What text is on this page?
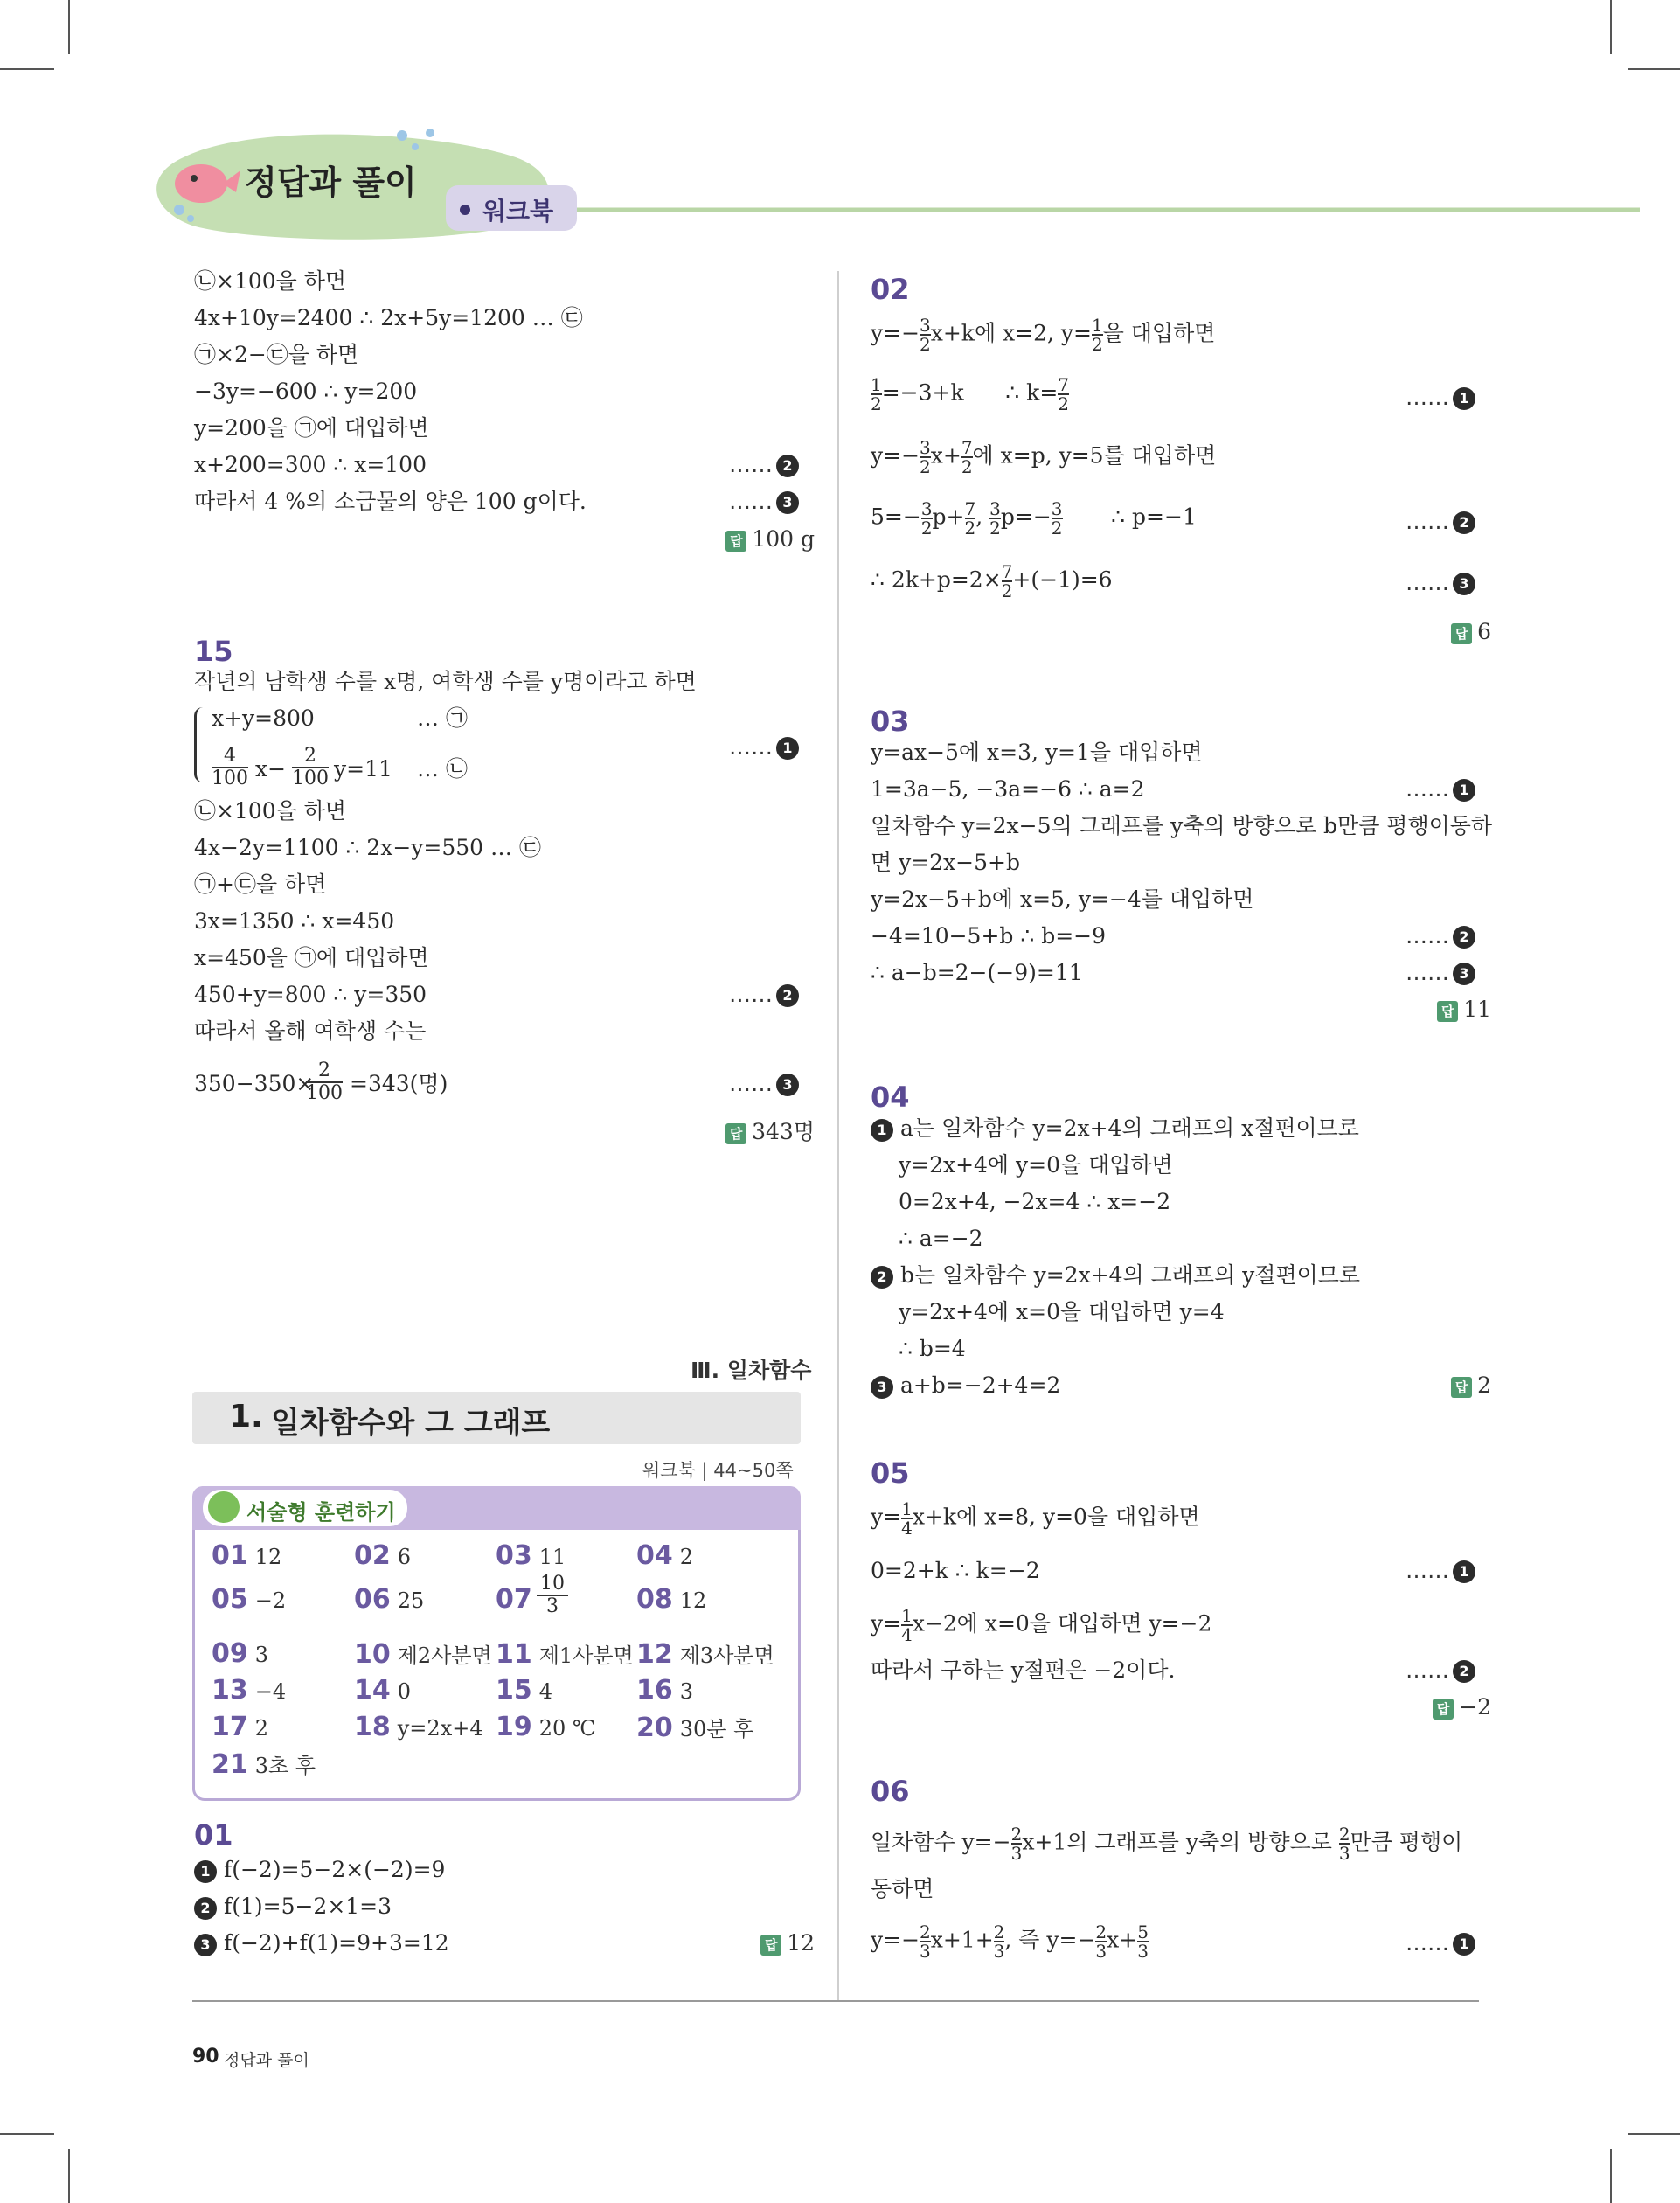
정답과 풀이
워크북
㉡×100을 하면
4x+10y=2400 ∴ 2x+5y=1200 … ㉢
㉠×2−㉢을 하면
−3y=−600 ∴ y=200
y=200을 ㉠에 대입하면
x+200=300 ∴ x=100
따라서 4 %의 소금물의 양은 100 g이다.
…… 2
…… 3
답 100 g
15
작년의 남학생 수를 x명, 여학생 수를 y명이라고 하면
x+y=800	… ㉠
$\frac{4}{100} x- \frac{2}{100} y=11$ … ㉡
…… 1
㉡×100을 하면
4x−2y=1100 ∴ 2x−y=550 … ㉢
㉠+㉢을 하면
3x=1350 ∴ x=450
x=450을 ㉠에 대입하면
450+y=800 ∴ y=350
따라서 올해 여학생 수는
…… 2
350−350×
$\frac{2}{100} =343$(명)	…… 3
답 343명
Ⅲ. 일차함수
1. 일차함수와 그 그래프
워크북 | 44∼50쪽
서술형 훈련하기
01 12	02 6	03 11	04 2
05 −2	06 25	$07 \frac{10}{3}$	08 12
09 3	10 제2사분면 11 제1사분면 12 제3사분면
13 −4	14 0	15 4	16 3
17 2	18 y=2x+4 19 20 ℃ 20 30분 후
21 3초 후
01
1 f(−2)=5−2×(−2)=9
2 f(1)=5−2×1=3
3 f(−2)+f(1)=9+3=12	답 12
02
$y=- \frac{3}{2} x+k$에 x=2, $y= \frac{1}{2}$ 을 대입하면
$\frac{1}{2} =-3+k$      ∴ $k= \frac{7}{2}$	…… 1
$y=- \frac{3}{2} x+ \frac{7}{2}$ 에 x=p, y=5를 대입하면
$5=- \frac{3}{2} p+ \frac{7}{2}$ , $\frac{3}{2} p=- \frac{3}{2}$ ∴ p=−1	…… 2
∴ $2k+p=2\times \frac{7}{2} +(-1)=6$	…… 3
답 6
03
y=ax−5에 x=3, y=1을 대입하면
1=3a−5, −3a=−6 ∴ a=2	…… 1
일차함수 y=2x−5의 그래프를 y축의 방향으로 b만큼 평행이동하
면 y=2x−5+b
y=2x−5+b에 x=5, y=−4를 대입하면
−4=10−5+b ∴ b=−9	…… 2
∴ a−b=2−(−9)=11	…… 3
답 11
04
1 a는 일차함수 y=2x+4의 그래프의 x절편이므로
y=2x+4에 y=0을 대입하면
0=2x+4, −2x=4 ∴ x=−2
∴ a=−2
2 b는 일차함수 y=2x+4의 그래프의 y절편이므로
y=2x+4에 x=0을 대입하면 y=4
∴ b=4
3 a+b=−2+4=2	답 2
05
$y= \frac{1}{4} x+k$에 x=8, y=0을 대입하면
0=2+k ∴ k=−2	…… 1
$y= \frac{1}{4} x-2$에 x=0을 대입하면 y=−2
따라서 구하는 y절편은 −2이다.	…… 2
답 −2
06
일차함수 $y=- \frac{2}{3} x+1$의 그래프를 y축의 방향으로 $\frac{2}{3}$ 만큼 평행이
동하면
$y=- \frac{2}{3} x+1+ \frac{2}{3}$ , 즉 $y=- \frac{2}{3} x+ \frac{5}{3}$	…… 1
90 정답과 풀이
